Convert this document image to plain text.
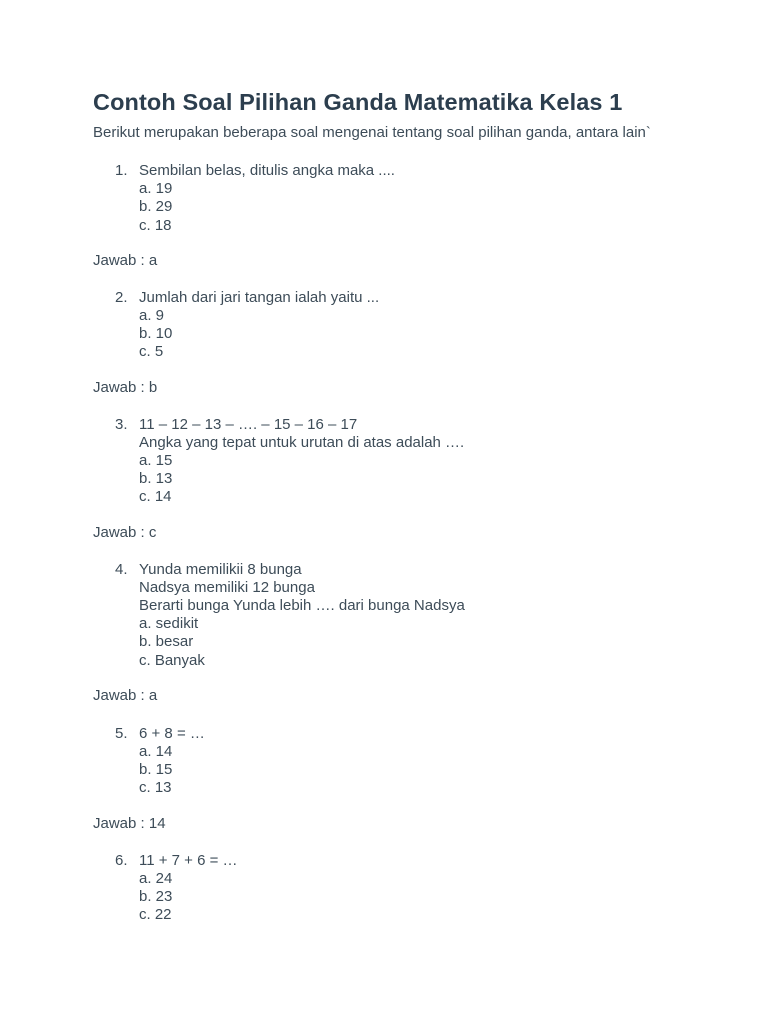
Contoh Soal Pilihan Ganda Matematika Kelas 1
Berikut merupakan beberapa soal mengenai tentang soal pilihan ganda, antara lain`
1. Sembilan belas, ditulis angka maka ....
a. 19
b. 29
c. 18
Jawab : a
2. Jumlah dari jari tangan ialah yaitu ...
a. 9
b. 10
c. 5
Jawab : b
3. 11 – 12 – 13 – …. – 15 – 16 – 17
Angka yang tepat untuk urutan di atas adalah ….
a. 15
b. 13
c. 14
Jawab : c
4. Yunda memilikii 8 bunga
Nadsya memiliki 12 bunga
Berarti bunga Yunda lebih …. dari bunga Nadsya
a. sedikit
b. besar
c. Banyak
Jawab : a
5. 6 + 8 = …
a. 14
b. 15
c. 13
Jawab : 14
6. 11 + 7 + 6 = …
a. 24
b. 23
c. 22
